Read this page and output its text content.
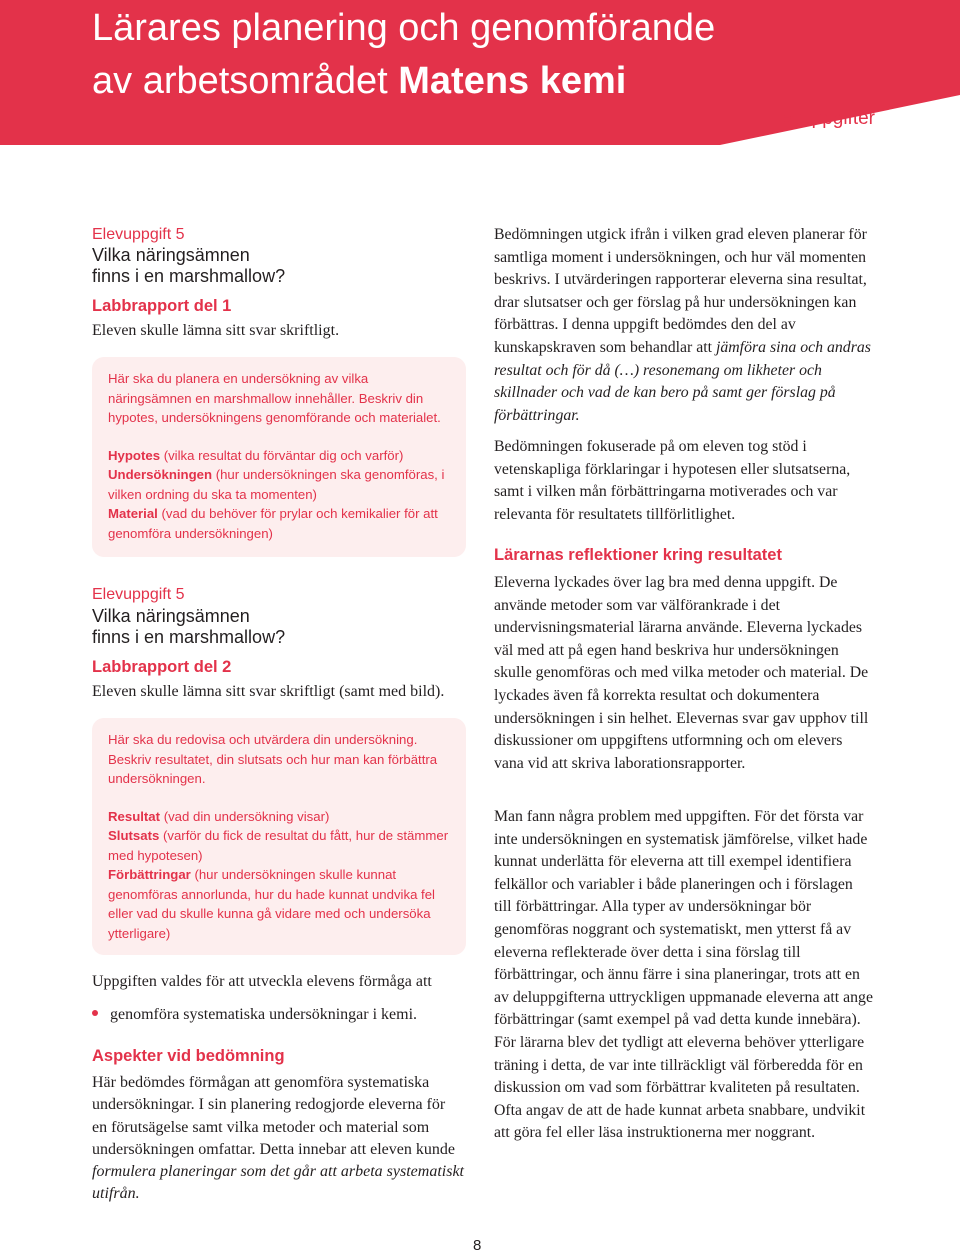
Lärares planering och genomförande
av arbetsområdet Matens kemi
Elevuppgifter
Elevuppgift 5
Vilka näringsämnen
finns i en marshmallow?
Labbrapport del 1
Eleven skulle lämna sitt svar skriftligt.

Här ska du planera en undersökning av vilka näringsämnen en marshmallow innehåller. Beskriv din hypotes, undersökningens genomförande och materialet.

Hypotes (vilka resultat du förväntar dig och varför)

Undersökningen (hur undersökningen ska genomföras, i vilken ordning du ska ta momenten)

Material (vad du behöver för prylar och kemikalier för att genomföra undersökningen)

Elevuppgift 5
Vilka näringsämnen
finns i en marshmallow?
Labbrapport del 2
Eleven skulle lämna sitt svar skriftligt (samt med bild).

Här ska du redovisa och utvärdera din undersökning. Beskriv resultatet, din slutsats och hur man kan förbättra undersökningen.

Resultat (vad din undersökning visar)

Slutsats (varför du fick de resultat du fått, hur de stämmer med hypotesen)

Förbättringar (hur undersökningen skulle kunnat genomföras annorlunda, hur du hade kunnat undvika fel eller vad du skulle kunna gå vidare med och undersöka ytterligare)

Uppgiften valdes för att utveckla elevens förmåga att
genomföra systematiska undersökningar i kemi.
Aspekter vid bedömning

Här bedömdes förmågan att genomföra systematiska undersökningar. I sin planering redogjorde eleverna för en förutsägelse samt vilka metoder och material som undersökningen omfattar. Detta innebar att eleven kunde formulera planeringar som det går att arbeta systematiskt utifrån.

Bedömningen utgick ifrån i vilken grad eleven planerar för samtliga moment i undersökningen, och hur väl momenten beskrivs. I utvärderingen rapporterar eleverna sina resultat, drar slutsatser och ger förslag på hur undersökningen kan förbättras. I denna uppgift bedömdes den del av kunskapskraven som behandlar att jämföra sina och andras resultat och för då (…) resonemang om likheter och skillnader och vad de kan bero på samt ger förslag på förbättringar.

Bedömningen fokuserade på om eleven tog stöd i vetenskapliga förklaringar i hypotesen eller slutsatserna, samt i vilken mån förbättringarna motiverades och var relevanta för resultatets tillförlitlighet.

Lärarnas reflektioner kring resultatet

Eleverna lyckades över lag bra med denna uppgift. De använde metoder som var välförankrade i det undervisningsmaterial lärarna använde. Eleverna lyckades väl med att på egen hand beskriva hur undersökningen skulle genomföras och med vilka metoder och material. De lyckades även få korrekta resultat och dokumentera undersökningen i sin helhet. Elevernas svar gav upphov till diskussioner om uppgiftens utformning och om elevers vana vid att skriva laborationsrapporter.

Man fann några problem med uppgiften. För det första var inte undersökningen en systematisk jämförelse, vilket hade kunnat underlätta för eleverna att till exempel identifiera felkällor och variabler i både planeringen och i förslagen till förbättringar. Alla typer av undersökningar bör genomföras noggrant och systematiskt, men ytterst få av eleverna reflekterade över detta i sina förslag till förbättringar, och ännu färre i sina planeringar, trots att en av deluppgifterna uttryckligen uppmanade eleverna att ange förbättringar (samt exempel på vad detta kunde innebära). För lärarna blev det tydligt att eleverna behöver ytterligare träning i detta, de var inte tillräckligt väl förberedda för en diskussion om vad som förbättrar kvaliteten på resultaten. Ofta angav de att de hade kunnat arbeta snabbare, undvikit att göra fel eller läsa instruktionerna mer noggrant.

8
